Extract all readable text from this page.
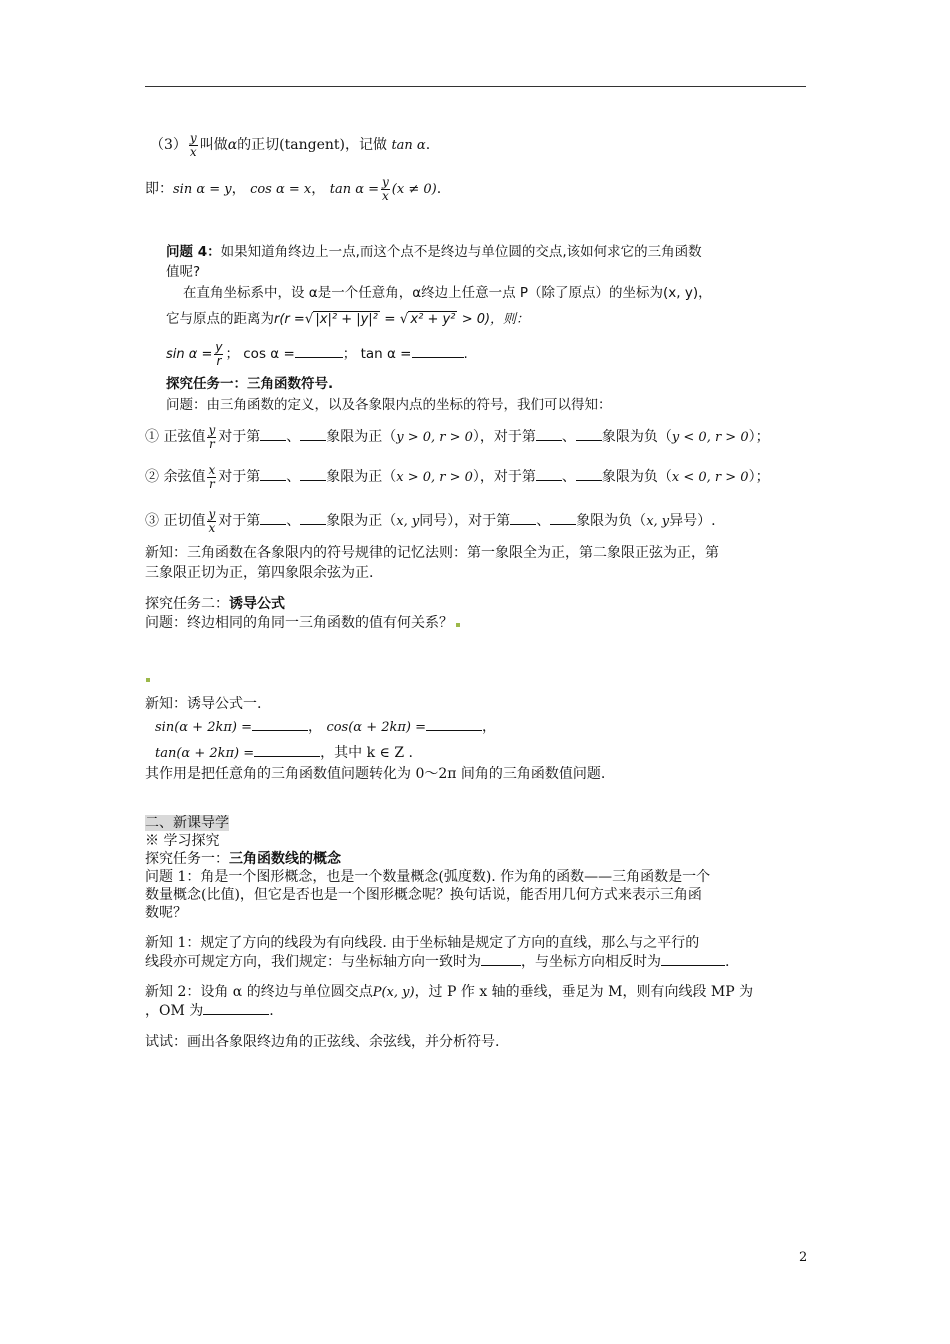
$(3) \frac{y}{x}$ 叫做α的正切(tangent)，记做 tan α.
即：sin α = y， cos α = x， $\tan \alpha = \frac{y}{x} (x \ne 0)$.
问题 4：如果知道角终边上一点,而这个点不是终边与单位圆的交点,该如何求它的三角函数
值呢?
在直角坐标系中，设 α是一个任意角，α终边上任意一点 P（除了原点）的坐标为(x, y)，
它与原点的距离为r(r =√ |x|² + |y|² = √ x² + y² > 0)，则：
$\sin \alpha = \frac{y}{r}$ ； cos α =	； tan α =	.
探究任务一：三角函数符号.
问题：由三角函数的定义，以及各象限内点的坐标的符号，我们可以得知：
① 正弦值 $\frac{y}{r}$ 对于第 、 象限为正（y > 0, r > 0），对于第 、 象限为负（y < 0, r > 0）；
② 余弦值 $\frac{x}{r}$ 对于第 、 象限为正（x > 0, r > 0），对于第 、 象限为负（x < 0, r > 0）；
③ 正切值 $\frac{y}{x}$ 对于第 、 象限为正（x, y同号），对于第 、 象限为负（x, y异号）.
新知：三角函数在各象限内的符号规律的记忆法则：第一象限全为正，第二象限正弦为正，第
三象限正切为正，第四象限余弦为正.
探究任务二：诱导公式
问题：终边相同的角同一三角函数的值有何关系？
新知：诱导公式一.
sin(α + 2kπ) =	， cos(α + 2kπ) =	，
tan(α + 2kπ) =	，其中 k ∈ Z .
其作用是把任意角的三角函数值问题转化为 0～2π 间角的三角函数值问题.
二、新课导学
※ 学习探究
探究任务一：三角函数线的概念
问题 1：角是一个图形概念，也是一个数量概念(弧度数). 作为角的函数——三角函数是一个
数量概念(比值)，但它是否也是一个图形概念呢？换句话说，能否用几何方式来表示三角函
数呢？
新知 1：规定了方向的线段为有向线段. 由于坐标轴是规定了方向的直线，那么与之平行的
线段亦可规定方向，我们规定：与坐标轴方向一致时为	，与坐标方向相反时为	.
新知 2：设角 α 的终边与单位圆交点P(x, y)，过 P 作 x 轴的垂线，垂足为 M，则有向线段 MP 为
，OM 为	.
试试：画出各象限终边角的正弦线、余弦线，并分析符号.
2
